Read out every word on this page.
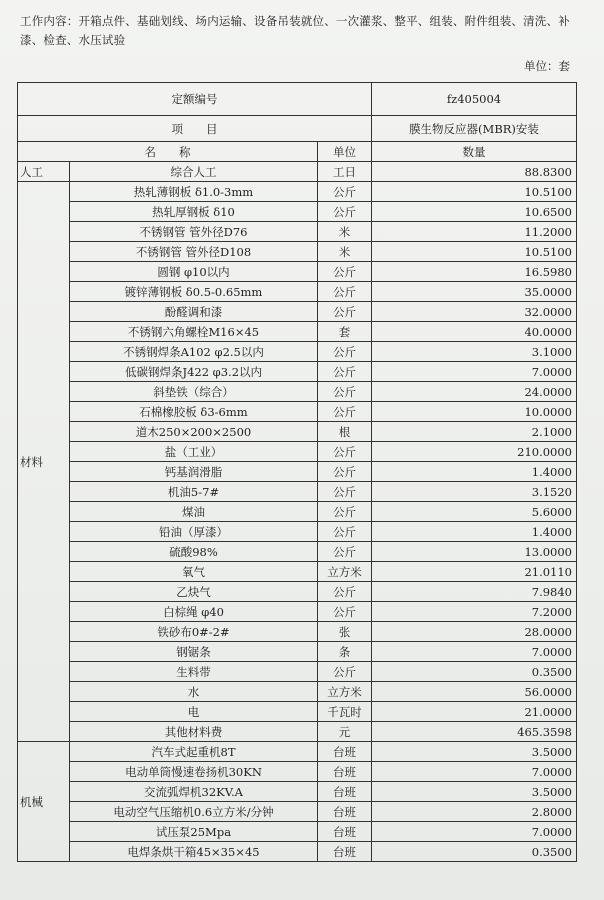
工作内容：开箱点件、基础划线、场内运输、设备吊装就位、一次灌浆、整平、组装、附件组装、清洗、补漆、检查、水压试验
单位：套
定额编号			fz405004
项　　目			膜生物反应器(MBR)安装
名　　称		单位	数量
人工	综合人工	工日	88.8300
材料	热轧薄钢板 δ1.0-3mm	公斤	10.5100
	热轧厚钢板 δ10	公斤	10.6500
	不锈钢管 管外径D76	米	11.2000
	不锈钢管 管外径D108	米	10.5100
	圆钢 φ10以内	公斤	16.5980
	镀锌薄钢板 δ0.5-0.65mm	公斤	35.0000
	酚醛调和漆	公斤	32.0000
	不锈钢六角螺栓M16×45	套	40.0000
	不锈钢焊条A102 φ2.5以内	公斤	3.1000
	低碳钢焊条J422 φ3.2以内	公斤	7.0000
	斜垫铁（综合）	公斤	24.0000
	石棉橡胶板 δ3-6mm	公斤	10.0000
	道木250×200×2500	根	2.1000
	盐（工业）	公斤	210.0000
	钙基润滑脂	公斤	1.4000
	机油5-7#	公斤	3.1520
	煤油	公斤	5.6000
	铅油（厚漆）	公斤	1.4000
	硫酸98%	公斤	13.0000
	氧气	立方米	21.0110
	乙炔气	公斤	7.9840
	白棕绳 φ40	公斤	7.2000
	铁砂布0#-2#	张	28.0000
	钢锯条	条	7.0000
	生料带	公斤	0.3500
	水	立方米	56.0000
	电	千瓦时	21.0000
	其他材料费	元	465.3598
机械	汽车式起重机8T	台班	3.5000
	电动单筒慢速卷扬机30KN	台班	7.0000
	交流弧焊机32KV.A	台班	3.5000
	电动空气压缩机0.6立方米/分钟	台班	2.8000
	试压泵25Mpa	台班	7.0000
	电焊条烘干箱45×35×45	台班	0.3500
